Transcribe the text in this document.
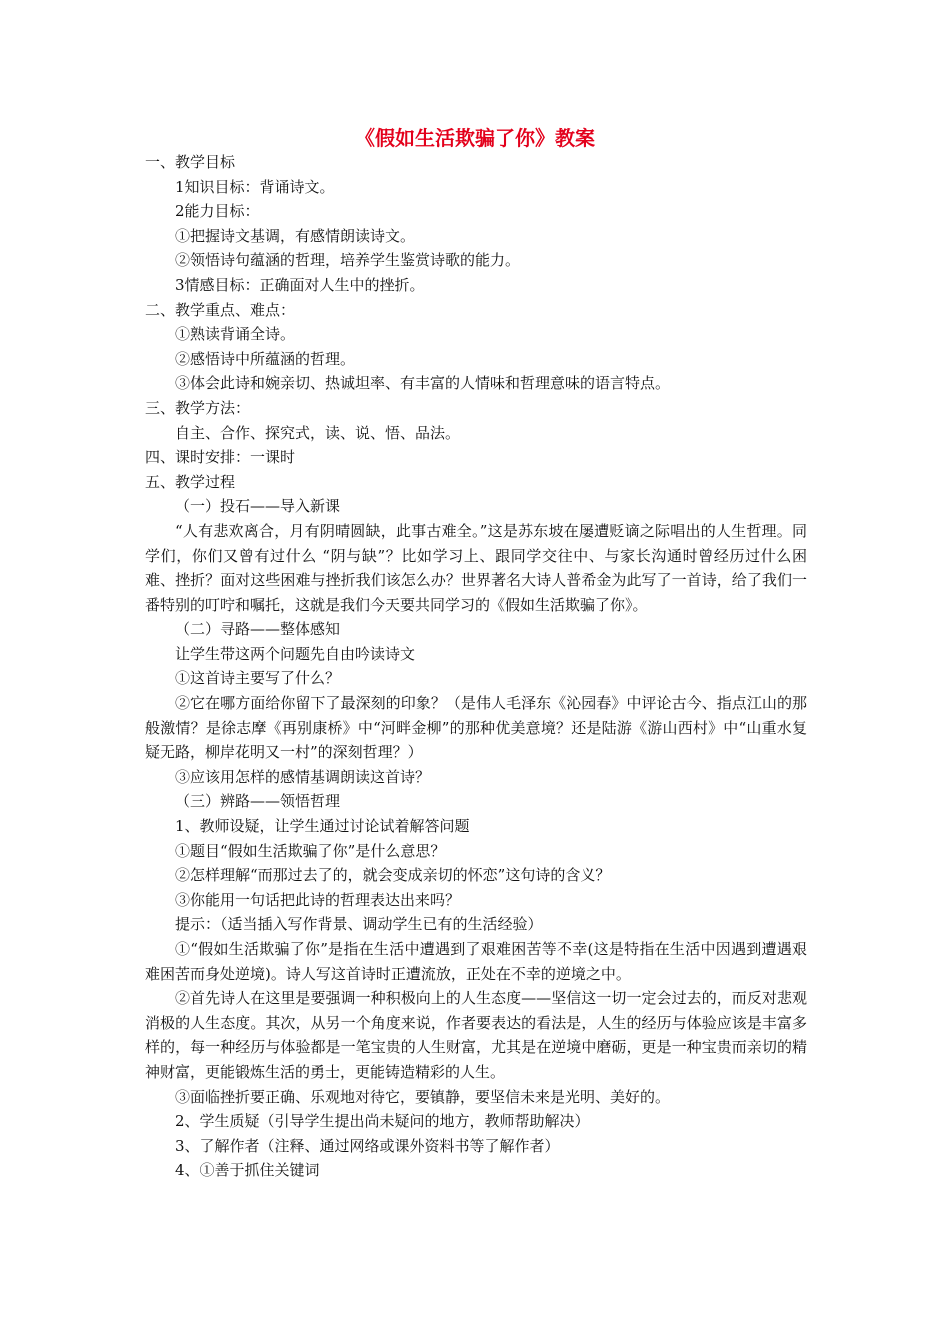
《假如生活欺骗了你》教案
一、教学目标
1知识目标：背诵诗文。
2能力目标：
①把握诗文基调，有感情朗读诗文。
②领悟诗句蕴涵的哲理，培养学生鉴赏诗歌的能力。
3情感目标：正确面对人生中的挫折。
二、教学重点、难点：
①熟读背诵全诗。
②感悟诗中所蕴涵的哲理。
③体会此诗和婉亲切、热诚坦率、有丰富的人情味和哲理意味的语言特点。
三、教学方法：
自主、合作、探究式，读、说、悟、品法。
四、课时安排：一课时
五、教学过程
（一）投石——导入新课
“人有悲欢离合，月有阴晴圆缺，此事古难全。”这是苏东坡在屡遭贬谪之际唱出的人生哲理。同学们，你们又曾有过什么 “阴与缺”？比如学习上、跟同学交往中、与家长沟通时曾经历过什么困难、挫折？面对这些困难与挫折我们该怎么办？世界著名大诗人普希金为此写了一首诗，给了我们一番特别的叮咛和嘱托，这就是我们今天要共同学习的《假如生活欺骗了你》。
（二）寻路——整体感知
让学生带这两个问题先自由吟读诗文
①这首诗主要写了什么？
②它在哪方面给你留下了最深刻的印象？（是伟人毛泽东《沁园春》中评论古今、指点江山的那般激情？是徐志摩《再别康桥》中“河畔金柳”的那种优美意境？还是陆游《游山西村》中“山重水复疑无路，柳岸花明又一村”的深刻哲理？）
③应该用怎样的感情基调朗读这首诗？
（三）辨路——领悟哲理
1、教师设疑，让学生通过讨论试着解答问题
①题目“假如生活欺骗了你”是什么意思？
②怎样理解“而那过去了的，就会变成亲切的怀恋”这句诗的含义？
③你能用一句话把此诗的哲理表达出来吗？
提示：（适当插入写作背景、调动学生已有的生活经验）
①“假如生活欺骗了你”是指在生活中遭遇到了艰难困苦等不幸(这是特指在生活中因遇到遭遇艰难困苦而身处逆境)。诗人写这首诗时正遭流放，正处在不幸的逆境之中。
②首先诗人在这里是要强调一种积极向上的人生态度——坚信这一切一定会过去的，而反对悲观消极的人生态度。其次，从另一个角度来说，作者要表达的看法是，人生的经历与体验应该是丰富多样的，每一种经历与体验都是一笔宝贵的人生财富，尤其是在逆境中磨砺，更是一种宝贵而亲切的精神财富，更能锻炼生活的勇士，更能铸造精彩的人生。
③面临挫折要正确、乐观地对待它，要镇静，要坚信未来是光明、美好的。
2、学生质疑（引导学生提出尚未疑问的地方，教师帮助解决）
3、了解作者（注释、通过网络或课外资料书等了解作者）
4、①善于抓住关键词
